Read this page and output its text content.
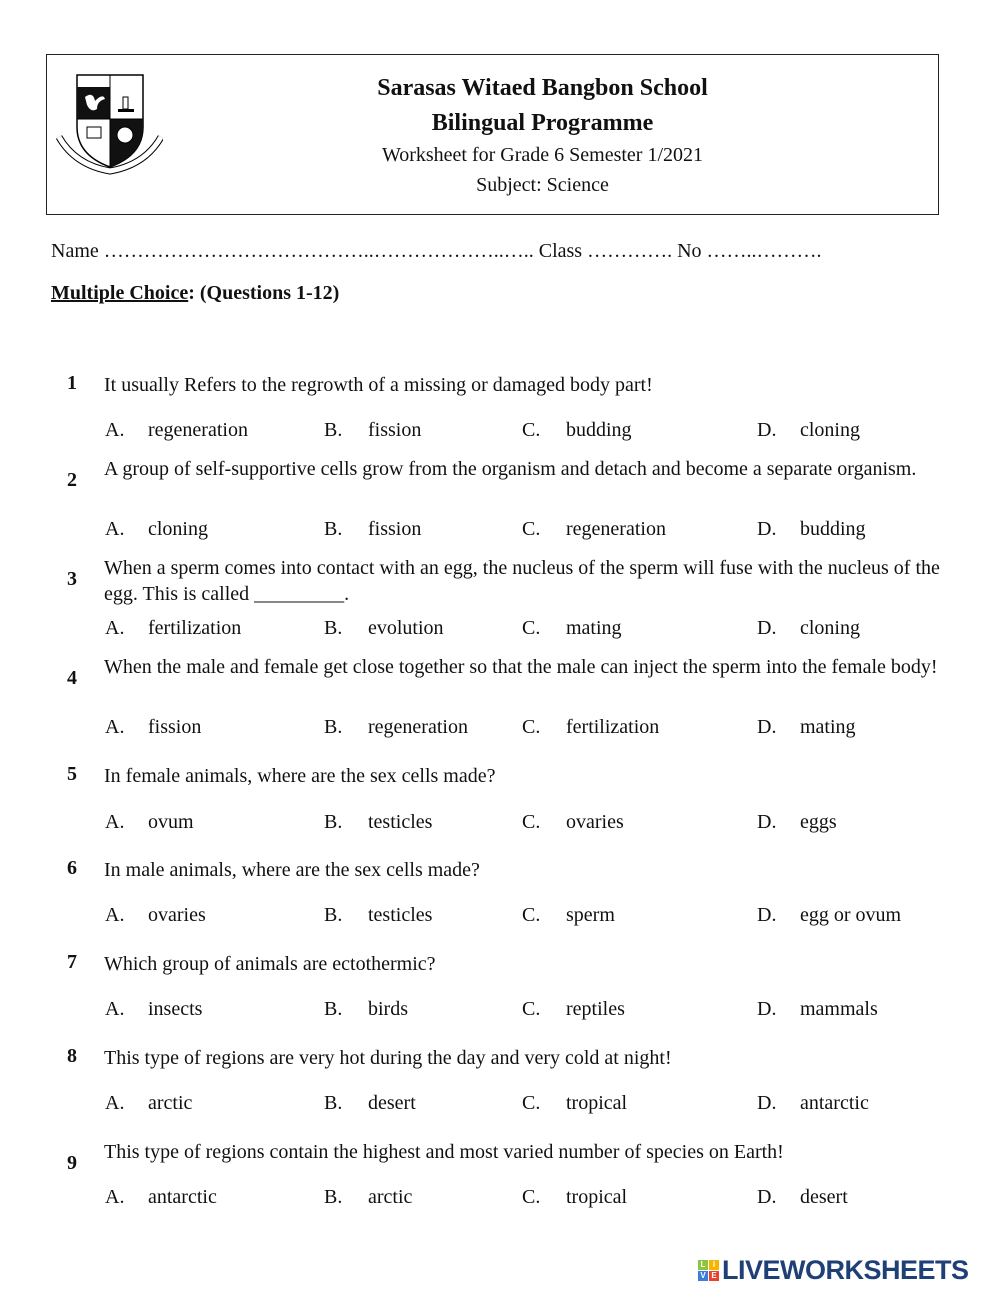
Sarasas Witaed Bangbon School
Bilingual Programme
Worksheet for Grade 6 Semester 1/2021
Subject: Science
Name …………………………………..………………..….. Class …………. No ……..……….
Multiple Choice: (Questions 1-12)
1 It usually Refers to the regrowth of a missing or damaged body part!
A. regeneration	B. fission	C. budding	D. cloning
2 A group of self-supportive cells grow from the organism and detach and become a separate organism.
A. cloning	B. fission	C. regeneration	D. budding
3 When a sperm comes into contact with an egg, the nucleus of the sperm will fuse with the nucleus of the egg. This is called _________.
A. fertilization	B. evolution	C. mating	D. cloning
4 When the male and female get close together so that the male can inject the sperm into the female body!
A. fission	B. regeneration	C. fertilization	D. mating
5 In female animals, where are the sex cells made?
A. ovum	B. testicles	C. ovaries	D. eggs
6 In male animals, where are the sex cells made?
A. ovaries	B. testicles	C. sperm	D. egg or ovum
7 Which group of animals are ectothermic?
A. insects	B. birds	C. reptiles	D. mammals
8 This type of regions are very hot during the day and very cold at night!
A. arctic	B. desert	C. tropical	D. antarctic
9 This type of regions contain the highest and most varied number of species on Earth!
A. antarctic	B. arctic	C. tropical	D. desert
L I
V E LIVEWORKSHEETS
